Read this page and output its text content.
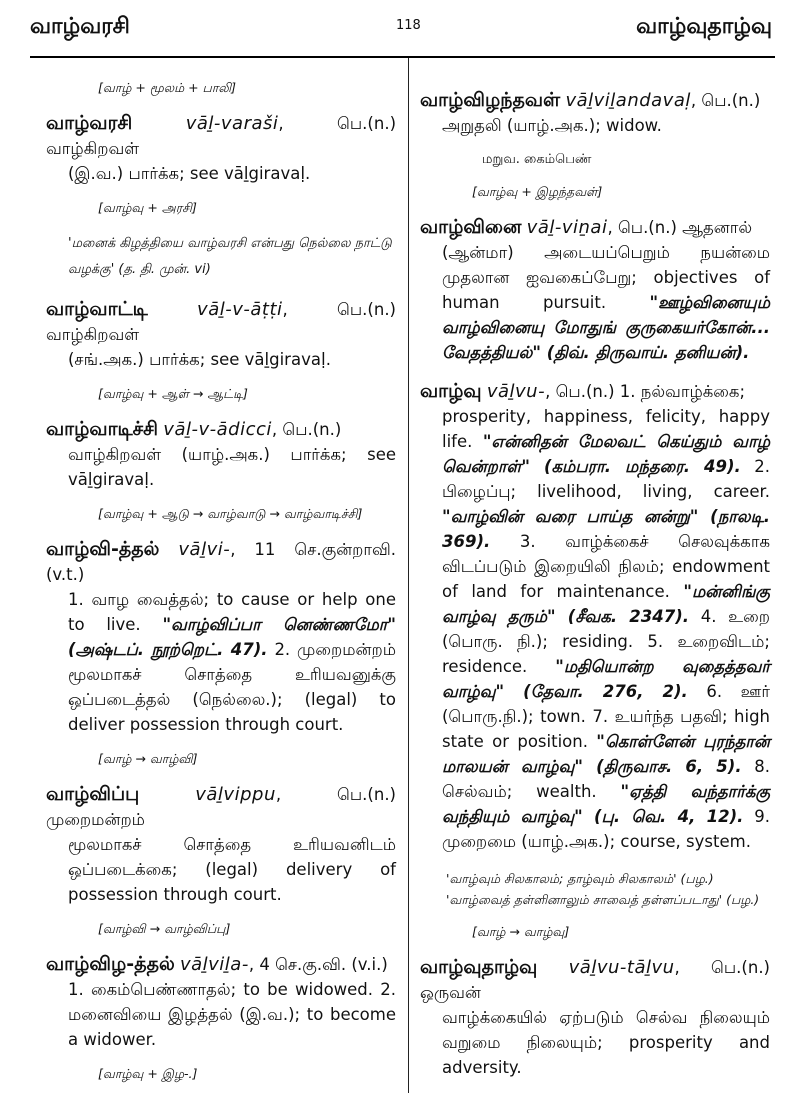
வாழ்வரசி	118	வாழ்வுதாழ்வு
[வாழ் + மூலம் + பாலி]
வாழ்வரசி	vāḻ-varaši, பெ.(n.) வாழ்கிறவள்
(இ.வ.) பார்க்க; see vāḻgiravaḷ.
[வாழ்வு + அரசி]
'மனைக் கிழத்தியை வாழ்வரசி என்பது நெல்லை நாட்டு வழக்கு' (த. தி. முன். vi)
வாழ்வாட்டி	vāḻ-v-āṭṭi, பெ.(n.) வாழ்கிறவள்
(சங்.அக.) பார்க்க; see vāḻgiravaḷ.
[வாழ்வு + ஆள் → ஆட்டி]
வாழ்வாடிச்சி vāḻ-v-ādicci, பெ.(n.)
வாழ்கிறவள் (யாழ்.அக.) பார்க்க; see vāḻgiravaḷ.
[வாழ்வு + ஆடு → வாழ்வாடு → வாழ்வாடிச்சி]
வாழ்வி-த்தல் vāḻvi-, 11 செ.குன்றாவி. (v.t.)
1. வாழ வைத்தல்; to cause or help one to live. "வாழ்விப்பா னெண்ணமோ" (அஷ்டப். நூற்றெட். 47). 2. முறைமன்றம் மூலமாகச் சொத்தை உரியவனுக்கு ஒப்படைத்தல் (நெல்லை.); (legal) to deliver possession through court.
[வாழ் → வாழ்வி]
வாழ்விப்பு	vāḻvippu, பெ.(n.) முறைமன்றம்
மூலமாகச் சொத்தை உரியவனிடம் ஒப்படைக்கை; (legal) delivery of possession through court.
[வாழ்வி → வாழ்விப்பு]
வாழ்விழ-த்தல் vāḻviḻa-, 4 செ.கு.வி. (v.i.)
1. கைம்பெண்ணாதல்; to be widowed. 2. மனைவியை இழத்தல் (இ.வ.); to become a widower.
[வாழ்வு + இழ-.]
வாழ்விழந்தவள் vāḻviḻandavaḷ, பெ.(n.)
அறுதலி (யாழ்.அக.); widow.
மறுவ. கைம்பெண்
[வாழ்வு + இழந்தவள்]
வாழ்வினை vāḻ-viṉai, பெ.(n.) ஆதனால்
(ஆன்மா) அடையப்பெறும் நயன்மை முதலான ஐவகைப்பேறு; objectives of human pursuit.	"ஊழ்வினையும் வாழ்வினையு மோதுங் குருகையர்கோன்... வேதத்தியல்" (திவ். திருவாய். தனியன்).
வாழ்வு vāḻvu-, பெ.(n.) 1. நல்வாழ்க்கை;
prosperity, happiness, felicity, happy life. "என்னிதன் மேலவட் கெய்தும் வாழ் வென்றாள்" (கம்பரா. மந்தரை. 49). 2. பிழைப்பு; livelihood, living, career. "வாழ்வின் வரை பாய்த னன்று" (நாலடி. 369). 3. வாழ்க்கைச் செலவுக்காக விடப்படும் இறையிலி நிலம்; endowment of land for maintenance. "மன்னிங்கு வாழ்வு தரும்" (சீவக. 2347). 4. உறை (பொரு. நி.); residing. 5. உறைவிடம்; residence. "மதியொன்ற வுதைத்தவர் வாழ்வு" (தேவா. 276, 2). 6. ஊர் (பொரு.நி.); town. 7. உயர்ந்த பதவி; high state or position. "கொள்ளேன் புரந்தான் மாலயன் வாழ்வு" (திருவாச. 6, 5). 8. செல்வம்; wealth. "ஏத்தி வந்தார்க்கு வந்தியும் வாழ்வு" (பு. வெ. 4, 12). 9. முறைமை (யாழ்.அக.); course, system.
'வாழ்வும் சிலகாலம்; தாழ்வும் சிலகாலம்' (பழ.)
'வாழ்வைத் தள்ளினாலும் சாவைத் தள்ளப்படாது' (பழ.)
[வாழ் → வாழ்வு]
வாழ்வுதாழ்வு vāḻvu-tāḻvu, பெ.(n.) ஒருவன்
வாழ்க்கையில் ஏற்படும் செல்வ நிலையும் வறுமை நிலையும்; prosperity and adversity.
